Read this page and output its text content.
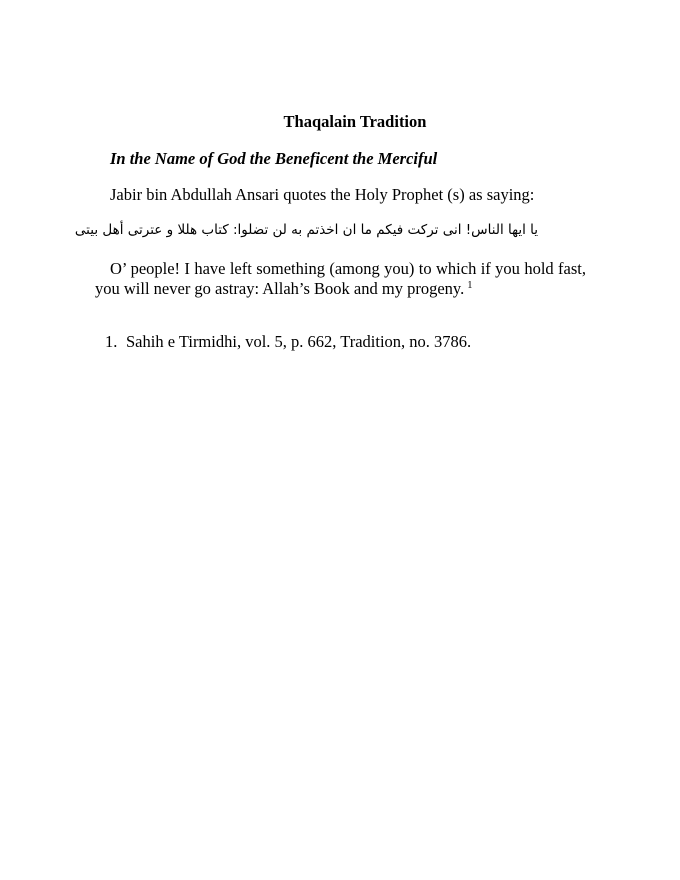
Thaqalain Tradition
In the Name of God the Beneficent the Merciful
Jabir bin Abdullah Ansari quotes the Holy Prophet (s) as saying:
يا ايها الناس! انى تركت فيكم ما ان اخذتم به لن تضلوا: كتاب هللا و عترتى أهل بيتى
O’ people! I have left something (among you) to which if you hold fast, you will never go astray: Allah’s Book and my progeny. $^1$
1. Sahih e Tirmidhi, vol. 5, p. 662, Tradition, no. 3786.
